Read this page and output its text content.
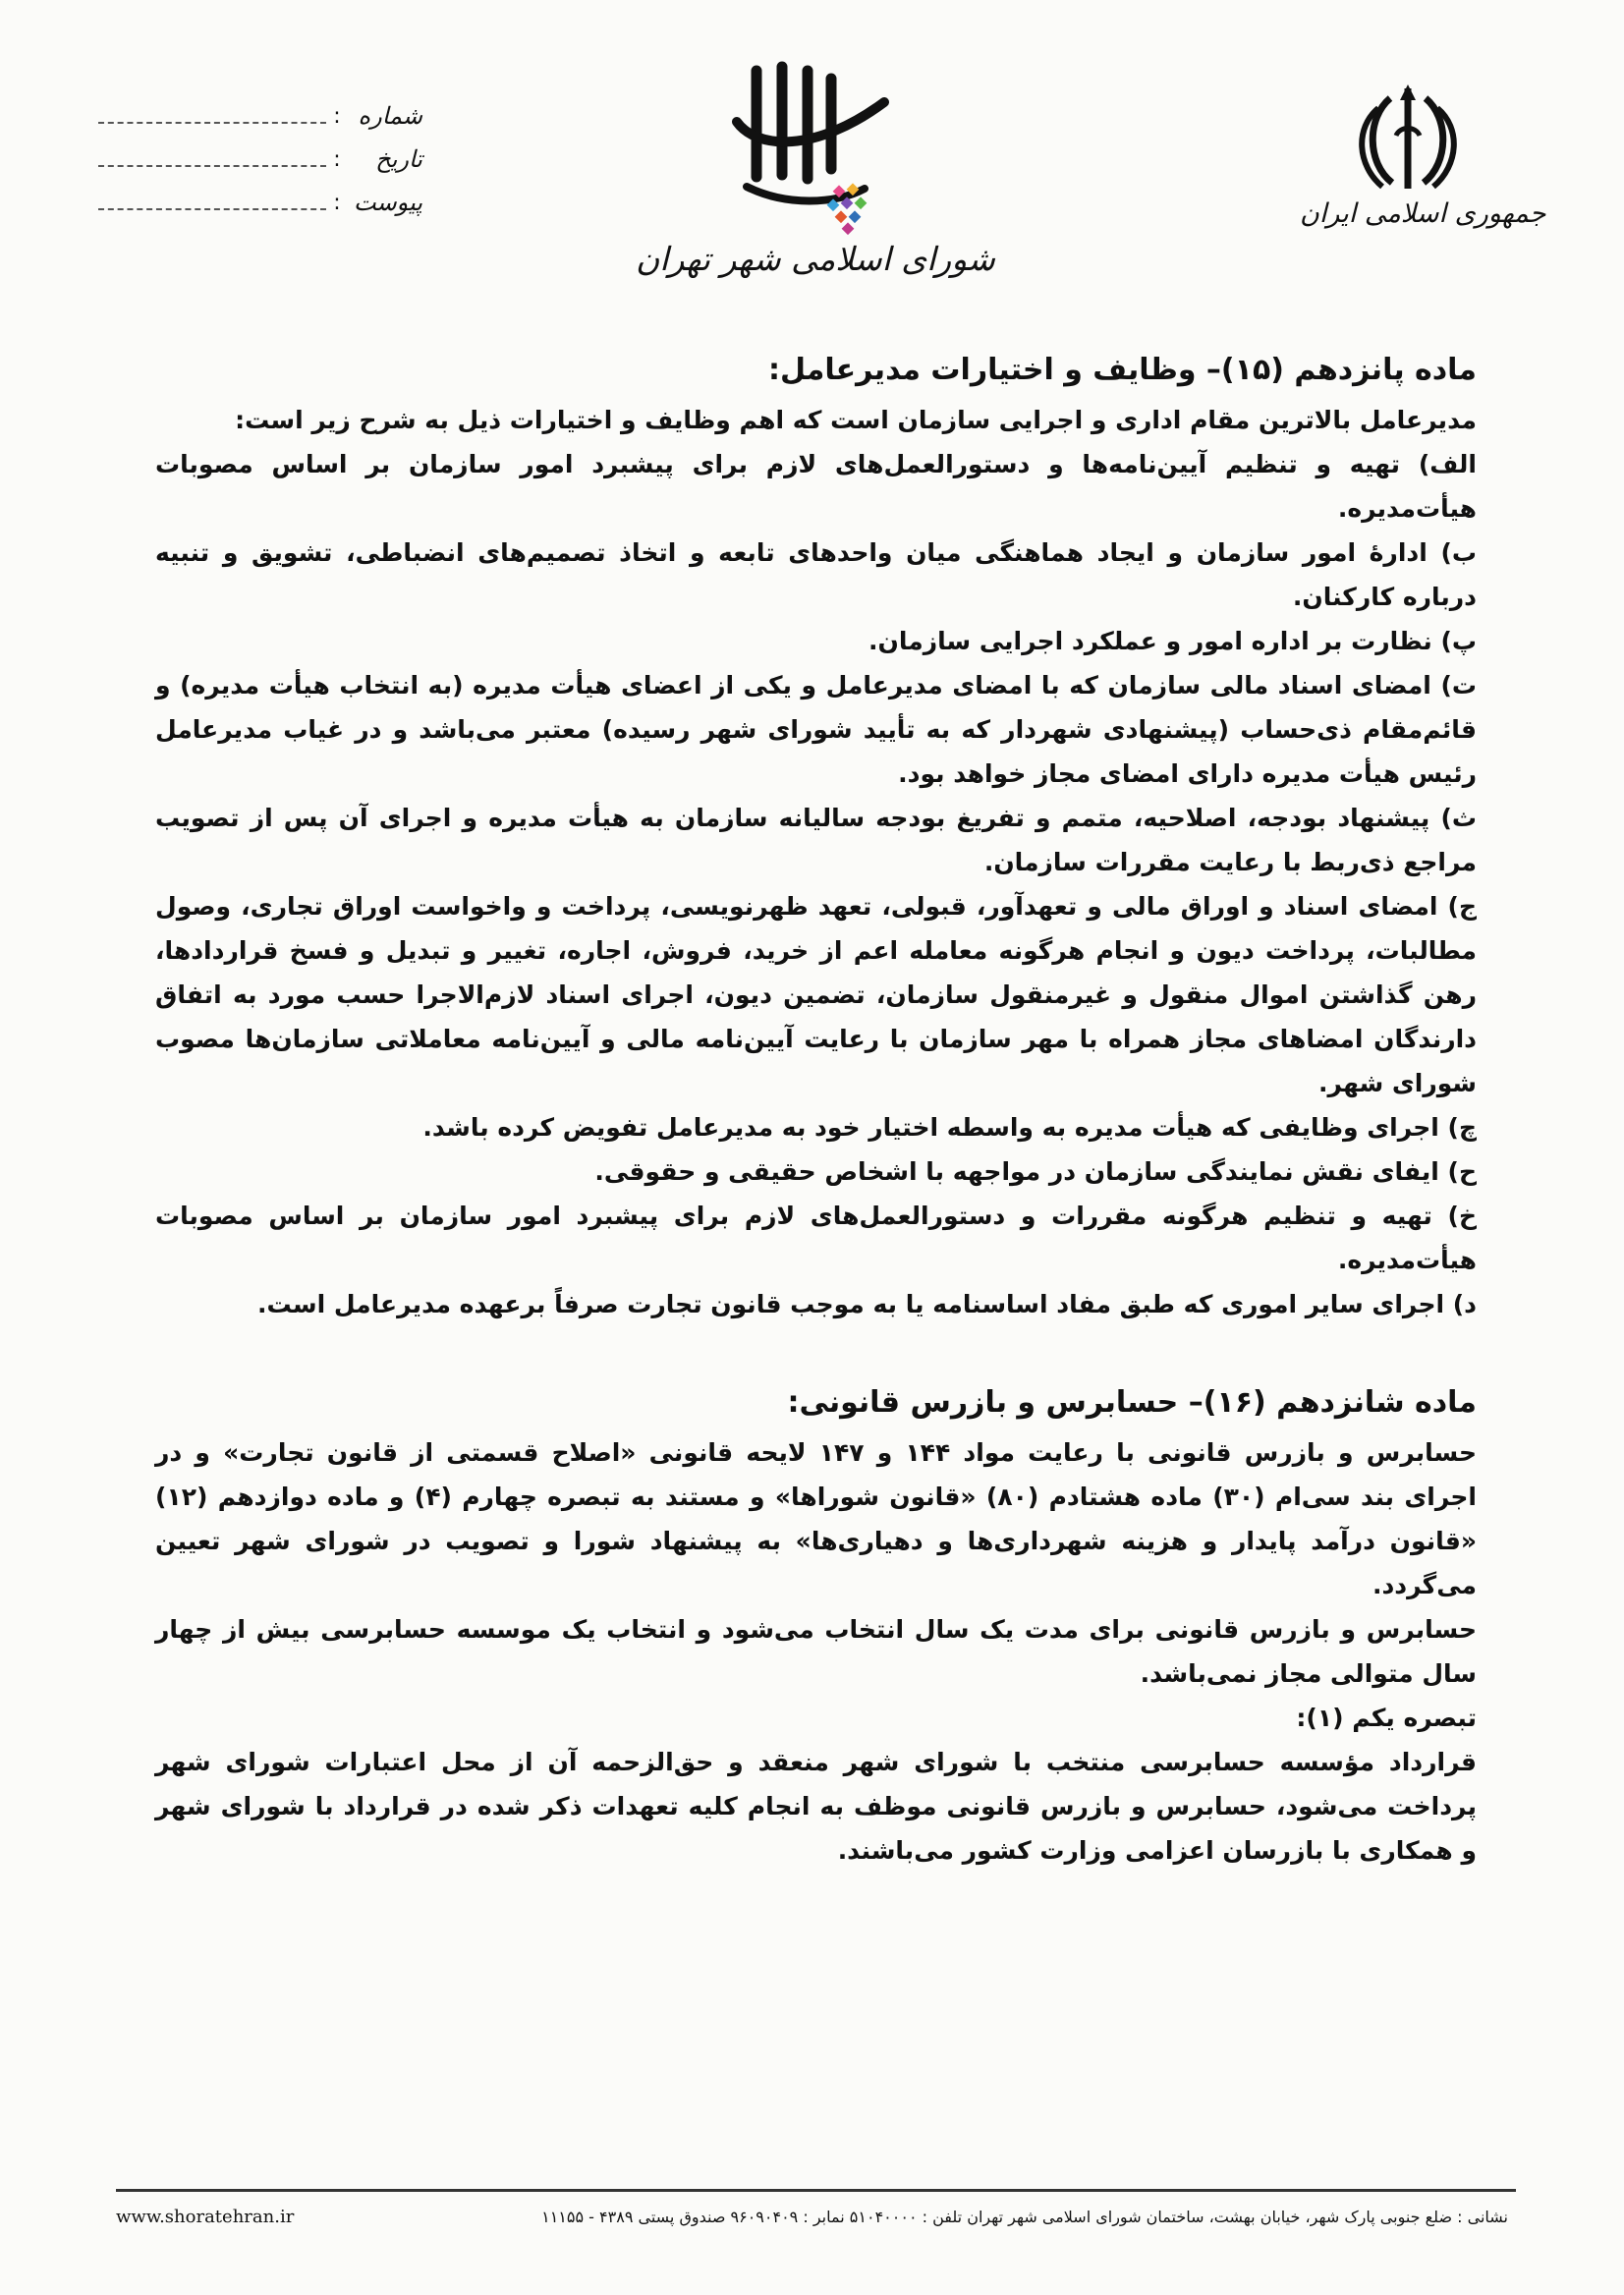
جمهوری اسلامی ایران
شورای اسلامی شهر تهران
شماره
:
تاریخ
:
پیوست
:
ماده پانزدهم (۱۵)– وظایف و اختیارات مدیرعامل:

مدیرعامل بالاترین مقام اداری و اجرایی سازمان است که اهم وظایف و اختیارات ذیل به شرح زیر است:

الف) تهیه و تنظیم آیین‌نامه‌ها و دستورالعمل‌های لازم برای پیشبرد امور سازمان بر اساس مصوبات هیأت‌مدیره.

ب) ادارهٔ امور سازمان و ایجاد هماهنگی میان واحدهای تابعه و اتخاذ تصمیم‌های انضباطی، تشویق و تنبیه درباره کارکنان.

پ) نظارت بر اداره امور و عملکرد اجرایی سازمان.

ت) امضای اسناد مالی سازمان که با امضای مدیرعامل و یکی از اعضای هیأت مدیره (به انتخاب هیأت مدیره) و قائم‌مقام ذی‌حساب (پیشنهادی شهردار که به تأیید شورای شهر رسیده) معتبر می‌باشد و در غیاب مدیرعامل رئیس هیأت مدیره دارای امضای مجاز خواهد بود.

ث) پیشنهاد بودجه، اصلاحیه، متمم و تفریغ بودجه سالیانه سازمان به هیأت مدیره و اجرای آن پس از تصویب مراجع ذی‌ربط با رعایت مقررات سازمان.

ج) امضای اسناد و اوراق مالی و تعهدآور، قبولی، تعهد ظهرنویسی، پرداخت و واخواست اوراق تجاری، وصول مطالبات، پرداخت دیون و انجام هرگونه معامله اعم از خرید، فروش، اجاره، تغییر و تبدیل و فسخ قراردادها، رهن گذاشتن اموال منقول و غیرمنقول سازمان، تضمین دیون، اجرای اسناد لازم‌الاجرا حسب مورد به اتفاق دارندگان امضاهای مجاز همراه با مهر سازمان با رعایت آیین‌نامه مالی و آیین‌نامه معاملاتی سازمان‌ها مصوب شورای شهر.

چ) اجرای وظایفی که هیأت مدیره به واسطه اختیار خود به مدیرعامل تفویض کرده باشد.

ح) ایفای نقش نمایندگی سازمان در مواجهه با اشخاص حقیقی و حقوقی.

خ) تهیه و تنظیم هرگونه مقررات و دستورالعمل‌های لازم برای پیشبرد امور سازمان بر اساس مصوبات هیأت‌مدیره.

د) اجرای سایر اموری که طبق مفاد اساسنامه یا به موجب قانون تجارت صرفاً برعهده مدیرعامل است.

ماده شانزدهم (۱۶)– حسابرس و بازرس قانونی:

حسابرس و بازرس قانونی با رعایت مواد ۱۴۴ و ۱۴۷ لایحه قانونی «اصلاح قسمتی از قانون تجارت» و در اجرای بند سی‌ام (۳۰) ماده هشتادم (۸۰) «قانون شوراها» و مستند به تبصره چهارم (۴) و ماده دوازدهم (۱۲) «قانون درآمد پایدار و هزینه شهرداری‌ها و دهیاری‌ها» به پیشنهاد شورا و تصویب در شورای شهر تعیین می‌گردد.

حسابرس و بازرس قانونی برای مدت یک سال انتخاب می‌شود و انتخاب یک موسسه حسابرسی بیش از چهار سال متوالی مجاز نمی‌باشد.

تبصره یکم (۱):

قرارداد مؤسسه حسابرسی منتخب با شورای شهر منعقد و حق‌الزحمه آن از محل اعتبارات شورای شهر پرداخت می‌شود، حسابرس و بازرس قانونی موظف به انجام کلیه تعهدات ذکر شده در قرارداد با شورای شهر و همکاری با بازرسان اعزامی وزارت کشور می‌باشند.

www.shoratehran.ir	نشانی : ضلع جنوبی پارک شهر، خیابان بهشت، ساختمان شورای اسلامی شهر تهران تلفن : ۵۱۰۴۰۰۰۰ نمابر : ۹۶۰۹۰۴۰۹ صندوق پستی ۴۳۸۹ - ۱۱۱۵۵
